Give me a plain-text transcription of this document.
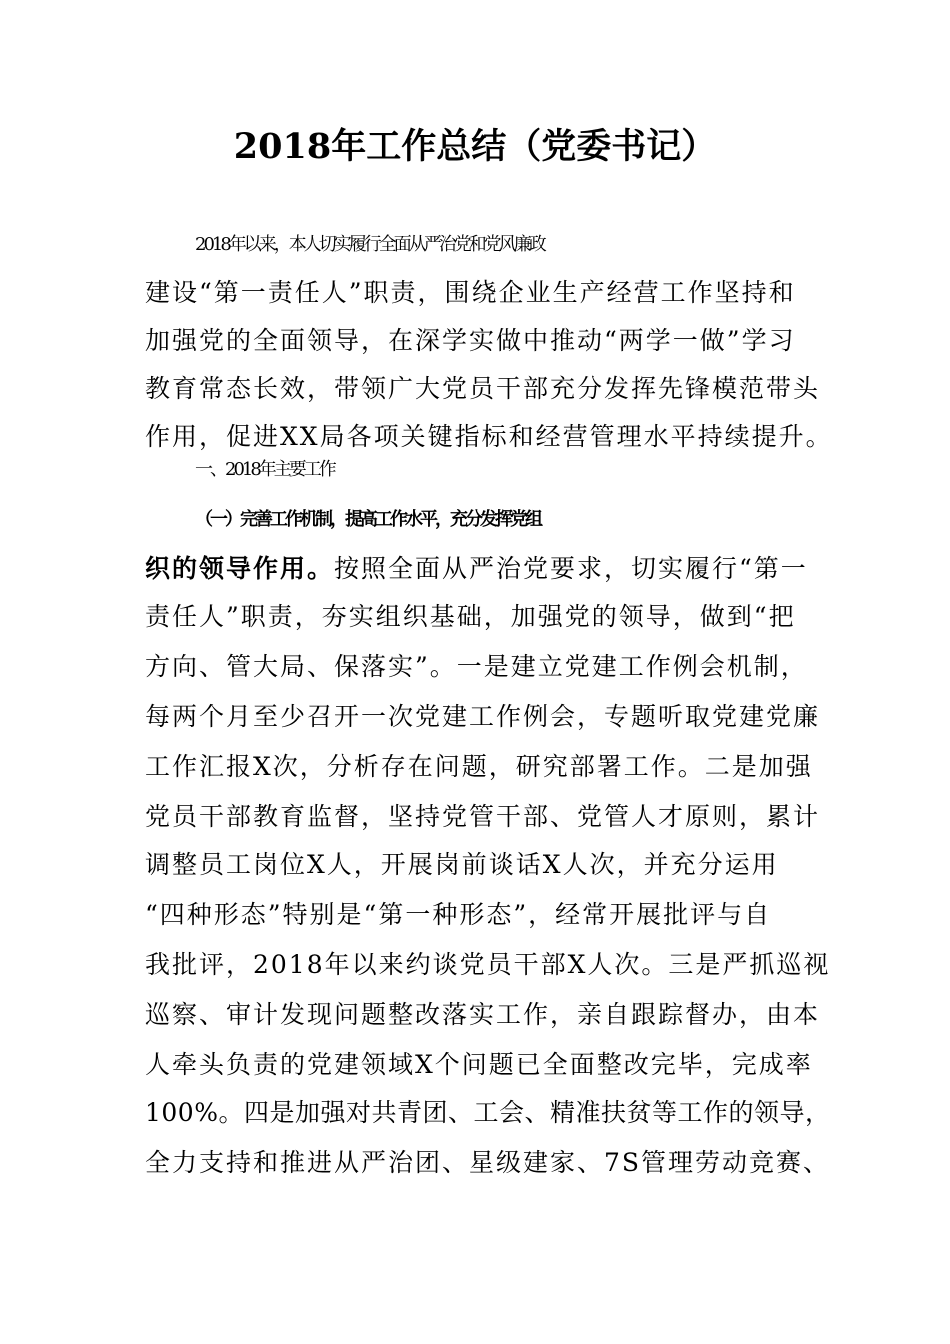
2018年工作总结（党委书记）
2018年以来，本人切实履行全面从严治党和党风廉政
建设“第一责任人”职责，围绕企业生产经营工作坚持和
加强党的全面领导，在深学实做中推动“两学一做”学习
教育常态长效，带领广大党员干部充分发挥先锋模范带头
作用，促进XX局各项关键指标和经营管理水平持续提升。
一、2018年主要工作
（一）完善工作机制，提高工作水平，充分发挥党组
织的领导作用。按照全面从严治党要求，切实履行“第一
责任人”职责，夯实组织基础，加强党的领导，做到“把
方向、管大局、保落实”。一是建立党建工作例会机制，
每两个月至少召开一次党建工作例会，专题听取党建党廉
工作汇报X次，分析存在问题，研究部署工作。二是加强
党员干部教育监督，坚持党管干部、党管人才原则，累计
调整员工岗位X人，开展岗前谈话X人次，并充分运用
“四种形态”特别是“第一种形态”，经常开展批评与自
我批评，2018年以来约谈党员干部X人次。三是严抓巡视
巡察、审计发现问题整改落实工作，亲自跟踪督办，由本
人牵头负责的党建领域X个问题已全面整改完毕，完成率
100%。四是加强对共青团、工会、精准扶贫等工作的领导，
全力支持和推进从严治团、星级建家、7S管理劳动竞赛、
